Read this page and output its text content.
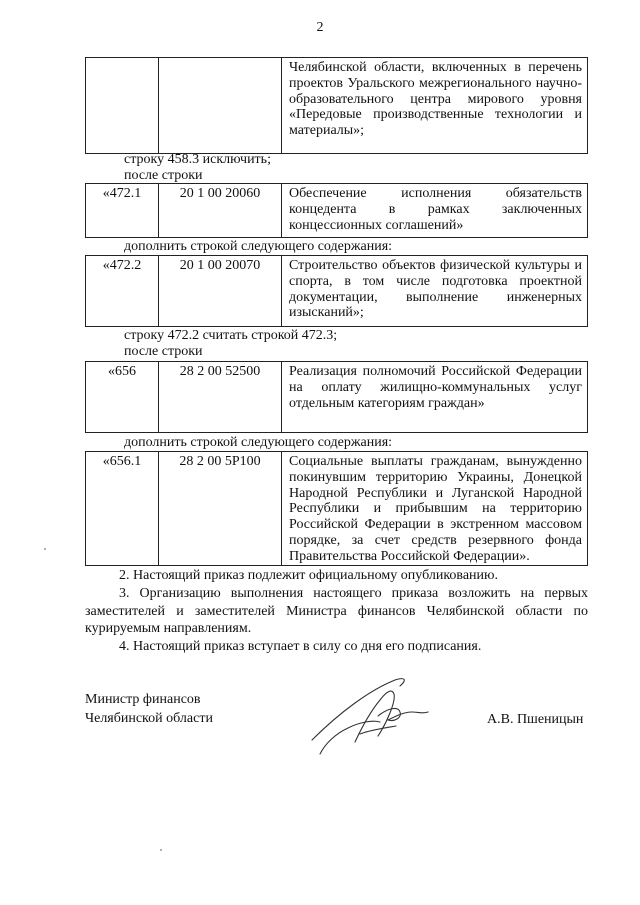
2
Челябинской области, включенных в перечень проектов Уральского межрегионального научно-образовательного центра мирового уровня «Передовые производственные технологии и материалы»;
строку 458.3 исключить;
после строки
«472.1	20 1 00 20060	Обеспечение исполнения обязательств концедента в рамках заключенных концессионных соглашений»
дополнить строкой следующего содержания:
«472.2	20 1 00 20070	Строительство объектов физической культуры и спорта, в том числе подготовка проектной документации, выполнение инженерных изысканий»;
строку 472.2 считать строкой 472.3;
после строки
«656	28 2 00 52500	Реализация полномочий Российской Федерации на оплату жилищно-коммунальных услуг отдельным категориям граждан»
дополнить строкой следующего содержания:
«656.1	28 2 00 5Р100	Социальные выплаты гражданам, вынужденно покинувшим территорию Украины, Донецкой Народной Республики и Луганской Народной Республики и прибывшим на территорию Российской Федерации в экстренном массовом порядке, за счет средств резервного фонда Правительства Российской Федерации».
2. Настоящий приказ подлежит официальному опубликованию.
3. Организацию выполнения настоящего приказа возложить на первых заместителей и заместителей Министра финансов Челябинской области по курируемым направлениям.
4. Настоящий приказ вступает в силу со дня его подписания.
Министр финансов
Челябинской области	А.В. Пшеницын
